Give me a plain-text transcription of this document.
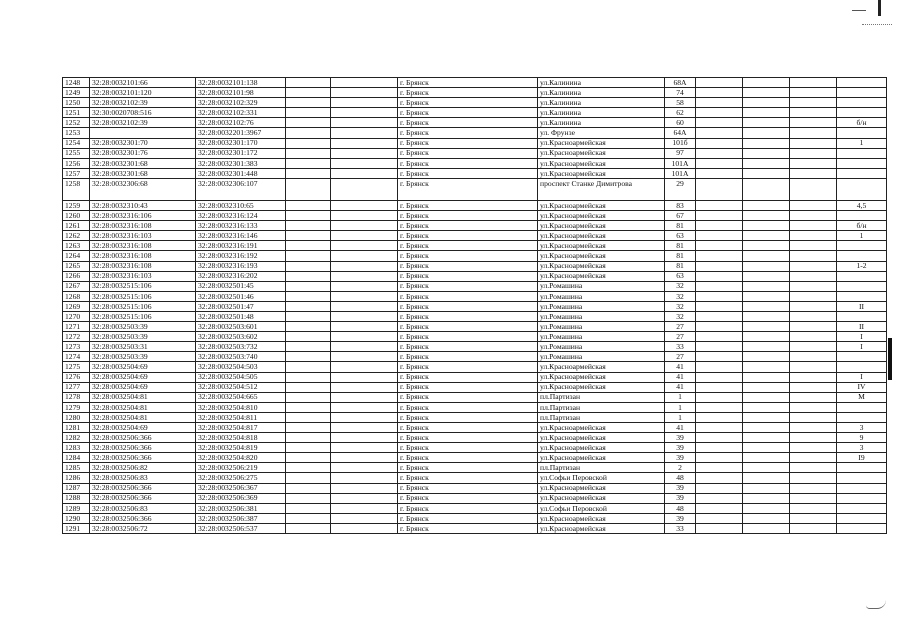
1248	32:28:0032101:66	32:28:0032101:138			г. Брянск	ул.Калинина	68А				
1249	32:28:0032101:120	32:28:0032101:98			г. Брянск	ул.Калинина	74				
1250	32:28:0032102:39	32:28:0032102:329			г. Брянск	ул.Калинина	58				
1251	32:30:0020708:516	32:28:0032102:331			г. Брянск	ул.Калинина	62				
1252	32:28:0032102:39	32:28:0032102:76			г. Брянск	ул.Калинина	60				б/н
1253		32:28:0032201:3967			г. Брянск	ул. Фрунзе	64А				
1254	32:28:0032301:70	32:28:0032301:170			г. Брянск	ул.Красноармейская	101б				1
1255	32:28:0032301:76	32:28:0032301:172			г. Брянск	ул.Красноармейская	97				
1256	32:28:0032301:68	32:28:0032301:383			г. Брянск	ул.Красноармейская	101А				
1257	32:28:0032301:68	32:28:0032301:448			г. Брянск	ул.Красноармейская	101А				
1258	32:28:0032306:68	32:28:0032306:107			г. Брянск	проспект Станке Димитрова	29				
1259	32:28:0032310:43	32:28:0032310:65			г. Брянск	ул.Красноармейская	83				4,5
1260	32:28:0032316:106	32:28:0032316:124			г. Брянск	ул.Красноармейская	67				
1261	32:28:0032316:108	32:28:0032316:133			г. Брянск	ул.Красноармейская	81				б/н
1262	32:28:0032316:103	32:28:0032316:146			г. Брянск	ул.Красноармейская	63				1
1263	32:28:0032316:108	32:28:0032316:191			г. Брянск	ул.Красноармейская	81				
1264	32:28:0032316:108	32:28:0032316:192			г. Брянск	ул.Красноармейская	81				
1265	32:28:0032316:108	32:28:0032316:193			г. Брянск	ул.Красноармейская	81				1-2
1266	32:28:0032316:103	32:28:0032316:202			г. Брянск	ул.Красноармейская	63				
1267	32:28:0032515:106	32:28:0032501:45			г. Брянск	ул.Ромашина	32				
1268	32:28:0032515:106	32:28:0032501:46			г. Брянск	ул.Ромашина	32				
1269	32:28:0032515:106	32:28:0032501:47			г. Брянск	ул.Ромашина	32				II
1270	32:28:0032515:106	32:28:0032501:48			г. Брянск	ул.Ромашина	32				
1271	32:28:0032503:39	32:28:0032503:601			г. Брянск	ул.Ромашина	27				II
1272	32:28:0032503:39	32:28:0032503:602			г. Брянск	ул.Ромашина	27				I
1273	32:28:0032503:31	32:28:0032503:732			г. Брянск	ул.Ромашина	33				I
1274	32:28:0032503:39	32:28:0032503:740			г. Брянск	ул.Ромашина	27				
1275	32:28:0032504:69	32:28:0032504:503			г. Брянск	ул.Красноармейская	41				
1276	32:28:0032504:69	32:28:0032504:505			г. Брянск	ул.Красноармейская	41				I
1277	32:28:0032504:69	32:28:0032504:512			г. Брянск	ул.Красноармейская	41				IV
1278	32:28:0032504:81	32:28:0032504:665			г. Брянск	пл.Партизан	1				М
1279	32:28:0032504:81	32:28:0032504:810			г. Брянск	пл.Партизан	1				
1280	32:28:0032504:81	32:28:0032504:811			г. Брянск	пл.Партизан	1				
1281	32:28:0032504:69	32:28:0032504:817			г. Брянск	ул.Красноармейская	41				3
1282	32:28:0032506:366	32:28:0032504:818			г. Брянск	ул.Красноармейская	39				9
1283	32:28:0032506:366	32:28:0032504:819			г. Брянск	ул.Красноармейская	39				3
1284	32:28:0032506:366	32:28:0032504:820			г. Брянск	ул.Красноармейская	39				I9
1285	32:28:0032506:82	32:28:0032506:219			г. Брянск	пл.Партизан	2				
1286	32:28:0032506:83	32:28:0032506:275			г. Брянск	ул.Софьи Перовской	48				
1287	32:28:0032506:366	32:28:0032506:367			г. Брянск	ул.Красноармейская	39				
1288	32:28:0032506:366	32:28:0032506:369			г. Брянск	ул.Красноармейская	39				
1289	32:28:0032506:83	32:28:0032506:381			г. Брянск	ул.Софьи Перовской	48				
1290	32:28:0032506:366	32:28:0032506:387			г. Брянск	ул.Красноармейская	39				
1291	32:28:0032506:72	32:28:0032506:537			г. Брянск	ул.Красноармейская	33				
